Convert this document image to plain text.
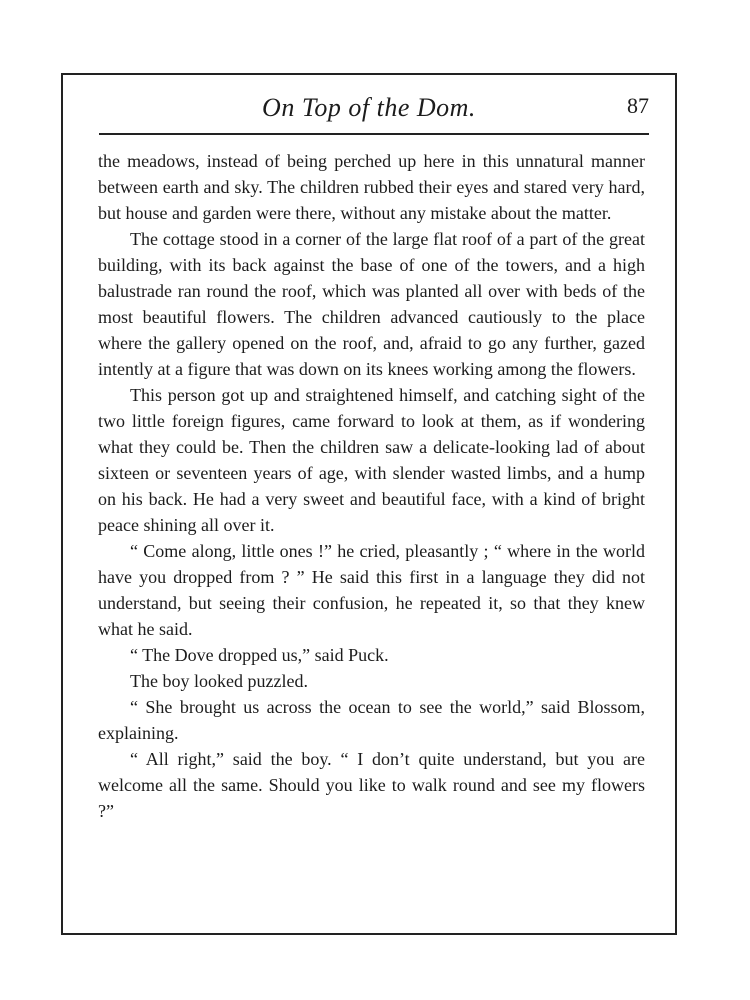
On Top of the Dom.	87

the meadows, instead of being perched up here in this unnatural manner between earth and sky. The children rubbed their eyes and stared very hard, but house and garden were there, without any mistake about the matter.

The cottage stood in a corner of the large flat roof of a part of the great building, with its back against the base of one of the towers, and a high balustrade ran round the roof, which was planted all over with beds of the most beautiful flowers. The children advanced cautiously to the place where the gallery opened on the roof, and, afraid to go any further, gazed intently at a figure that was down on its knees working among the flowers.

This person got up and straightened himself, and catching sight of the two little foreign figures, came forward to look at them, as if wondering what they could be. Then the children saw a delicate-looking lad of about sixteen or seventeen years of age, with slender wasted limbs, and a hump on his back. He had a very sweet and beautiful face, with a kind of bright peace shining all over it.

“ Come along, little ones !” he cried, pleasantly ; “ where in the world have you dropped from ? ” He said this first in a language they did not understand, but seeing their confusion, he repeated it, so that they knew what he said.

“ The Dove dropped us,” said Puck.

The boy looked puzzled.

“ She brought us across the ocean to see the world,” said Blossom, explaining.

“ All right,” said the boy. “ I don’t quite understand, but you are welcome all the same. Should you like to walk round and see my flowers ?”
